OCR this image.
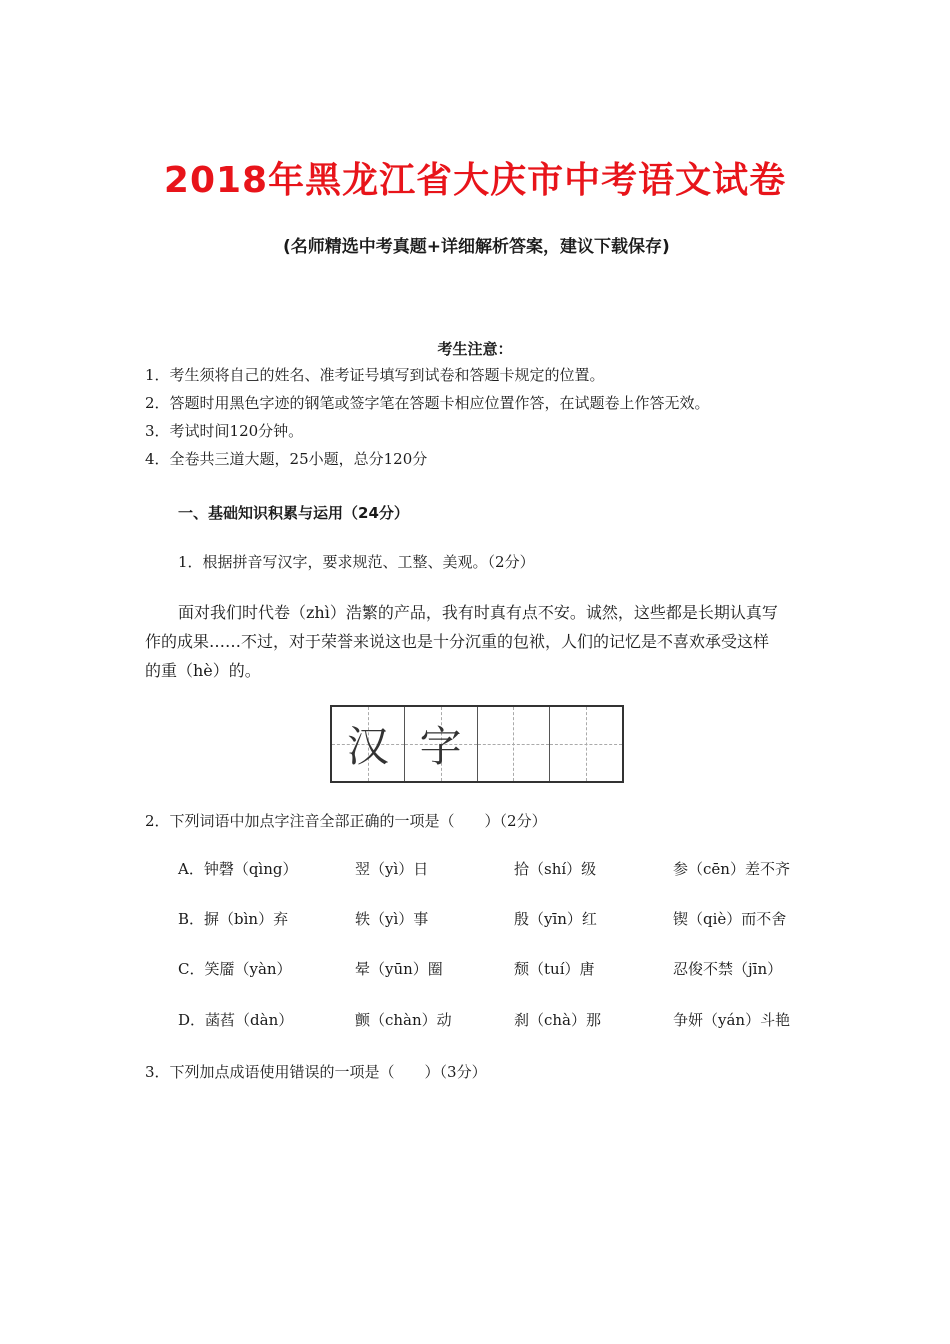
2018年黑龙江省大庆市中考语文试卷
(名师精选中考真题+详细解析答案，建议下载保存)
考生注意：
1．考生须将自己的姓名、准考证号填写到试卷和答题卡规定的位置。
2．答题时用黑色字迹的钢笔或签字笔在答题卡相应位置作答，在试题卷上作答无效。
3．考试时间120分钟。
4．全卷共三道大题，25小题，总分120分
一、基础知识积累与运用（24分）
1．根据拼音写汉字，要求规范、工整、美观。（2分）
面对我们时代卷（zhì）浩繁的产品，我有时真有点不安。诚然，这些都是长期认真写
作的成果……不过，对于荣誉来说这也是十分沉重的包袱，人们的记忆是不喜欢承受这样
的重（hè）的。
汉 字
2．下列词语中加点字注音全部正确的一项是（　　）（2分）
A．钟磬（qìng）	翌（yì）日	拾（shí）级	参（cēn）差不齐
B．摒（bìn）弃	轶（yì）事	殷（yīn）红	锲（qiè）而不舍
C．笑靥（yàn）	晕（yūn）圈	颓（tuí）唐	忍俊不禁（jīn）
D．菡萏（dàn）	颤（chàn）动	刹（chà）那	争妍（yán）斗艳
3．下列加点成语使用错误的一项是（　　）（3分）
